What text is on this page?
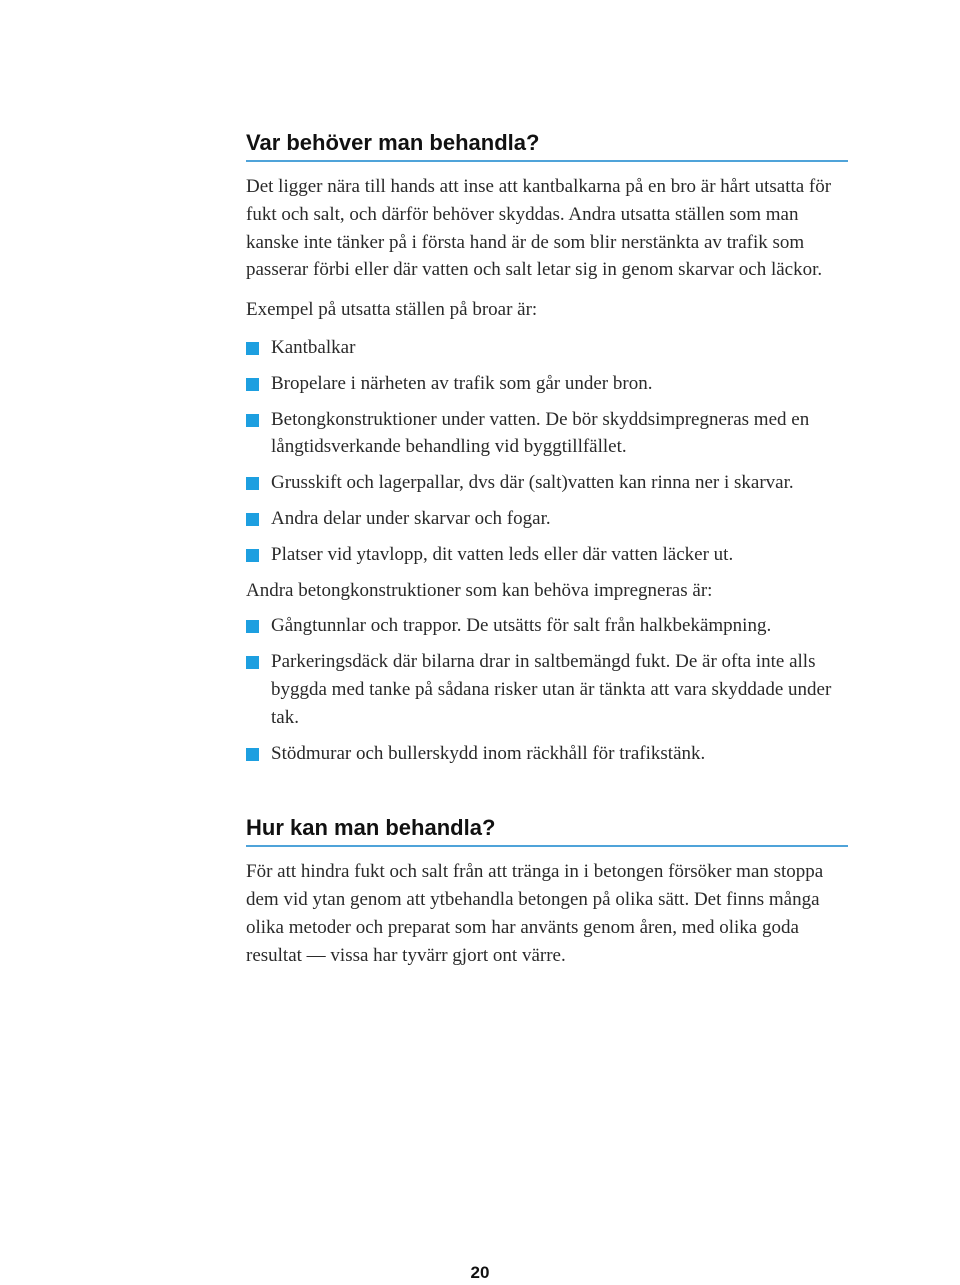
Var behöver man behandla?

Det ligger nära till hands att inse att kantbalkarna på en bro är hårt utsatta för fukt och salt, och därför behöver skyddas. Andra utsatta ställen som man kanske inte tänker på i första hand är de som blir nerstänkta av trafik som passerar förbi eller där vatten och salt letar sig in genom skarvar och läckor.

Exempel på utsatta ställen på broar är:

Kantbalkar
Bropelare i närheten av trafik som går under bron.
Betongkonstruktioner under vatten. De bör skyddsimpregneras med en långtidsverkande behandling vid byggtillfället.
Grusskift och lagerpallar, dvs där (salt)vatten kan rinna ner i skarvar.
Andra delar under skarvar och fogar.
Platser vid ytavlopp, dit vatten leds eller där vatten läcker ut.

Andra betongkonstruktioner som kan behöva impregneras är:

Gångtunnlar och trappor. De utsätts för salt från halkbekämpning.
Parkeringsdäck där bilarna drar in saltbemängd fukt. De är ofta inte alls byggda med tanke på sådana risker utan är tänkta att vara skyddade under tak.
Stödmurar och bullerskydd inom räckhåll för trafikstänk.
Hur kan man behandla?

För att hindra fukt och salt från att tränga in i betongen försöker man stoppa dem vid ytan genom att ytbehandla betongen på olika sätt. Det finns många olika metoder och preparat som har använts genom åren, med olika goda resultat — vissa har tyvärr gjort ont värre.

20
